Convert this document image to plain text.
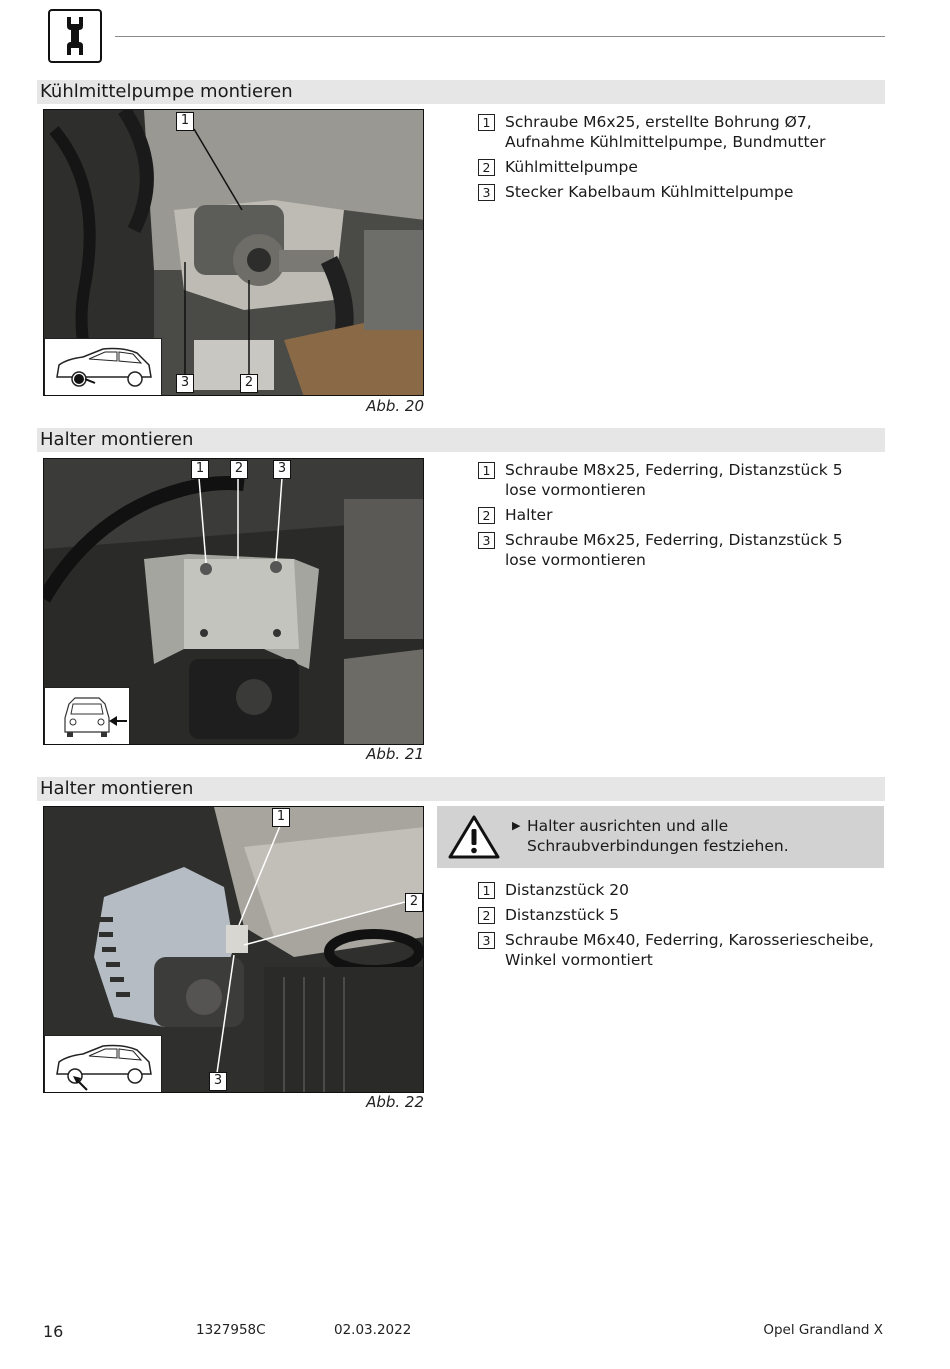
Kühlmittelpumpe montieren
1
3	2
Abb. 20
1 Schraube M6x25, erstellte Bohrung Ø7, Aufnahme Kühlmittelpumpe, Bundmutter
2 Kühlmittelpumpe
3 Stecker Kabelbaum Kühlmittelpumpe
Halter montieren
1	2	3
Abb. 21
1 Schraube M8x25, Federring, Distanzstück 5 lose vormontieren
2 Halter
3 Schraube M6x25, Federring, Distanzstück 5 lose vormontieren
Halter montieren
1
2
3
Abb. 22
▶ Halter ausrichten und alle Schraubverbindungen festziehen.
1 Distanzstück 20
2 Distanzstück 5
3 Schraube M6x40, Federring, Karosseriescheibe, Winkel vormontiert
16	1327958C	02.03.2022	Opel Grandland X
